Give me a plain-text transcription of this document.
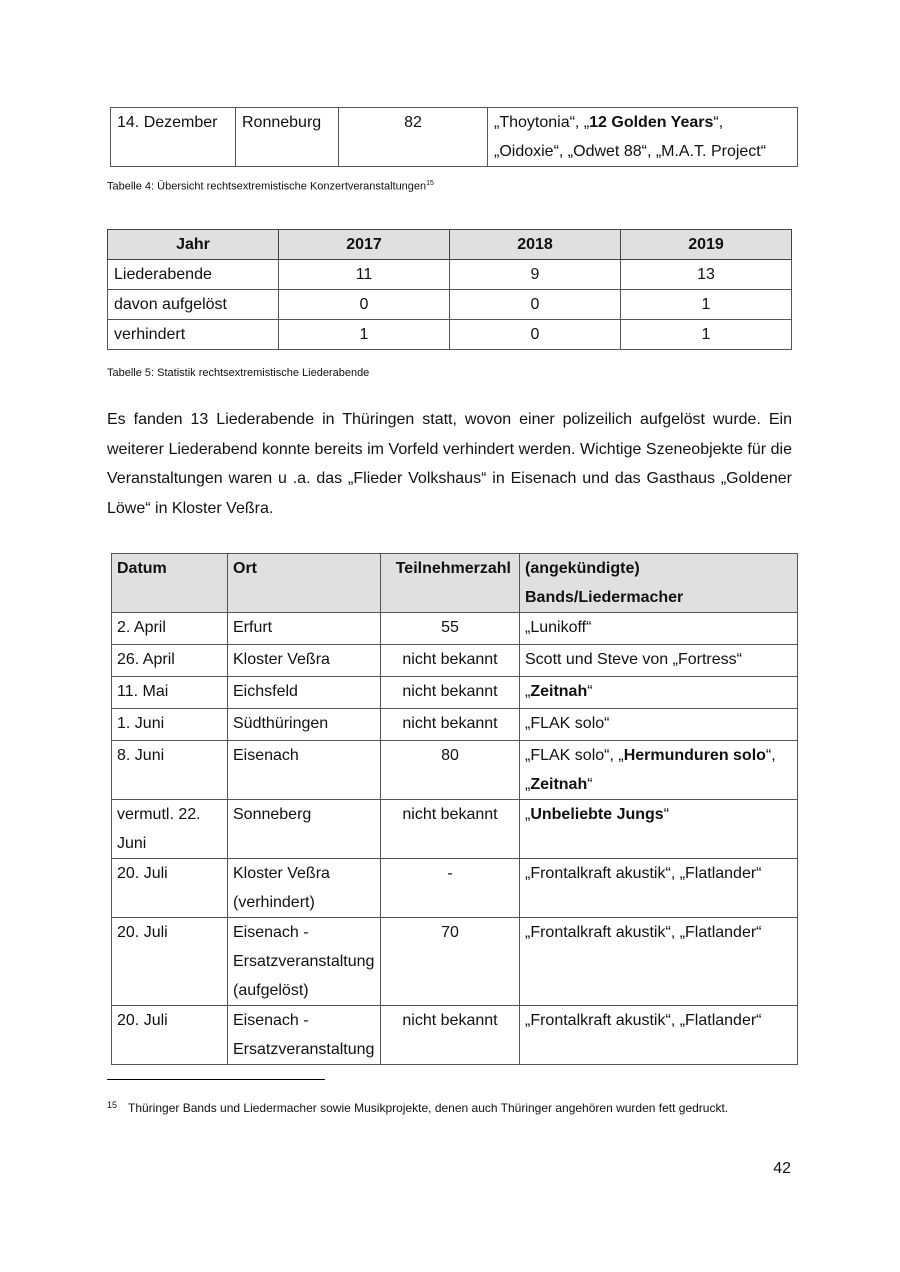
14. Dezember	Ronneburg	82	„Thoytonia“, „12 Golden Years“, „Oidoxie“, „Odwet 88“, „M.A.T. Project“
Tabelle 4: Übersicht rechtsextremistische Konzertveranstaltungen$^{15}$
Jahr	2017	2018	2019
Liederabende	11	9	13
davon aufgelöst	0	0	1
verhindert	1	0	1
Tabelle 5: Statistik rechtsextremistische Liederabende

Es fanden 13 Liederabende in Thüringen statt, wovon einer polizeilich aufgelöst wurde. Ein weiterer Liederabend konnte bereits im Vorfeld verhindert werden. Wichtige Szeneobjekte für die Veranstaltungen waren u .a. das „Flieder Volkshaus“ in Eisenach und das Gasthaus „Goldener Löwe“ in Kloster Veßra.

Datum	Ort	Teilnehmerzahl	(angekündigte) Bands/Liedermacher
2. April	Erfurt	55	„Lunikoff“
26. April	Kloster Veßra	nicht bekannt	Scott und Steve von „Fortress“
11. Mai	Eichsfeld	nicht bekannt	„Zeitnah“
1. Juni	Südthüringen	nicht bekannt	„FLAK solo“
8. Juni	Eisenach	80	„FLAK solo“, „Hermunduren solo“, „Zeitnah“
vermutl. 22. Juni	Sonneberg	nicht bekannt	„Unbeliebte Jungs“
20. Juli	Kloster Veßra (verhindert)	-	„Frontalkraft akustik“, „Flatlander“
20. Juli	Eisenach - Ersatzveranstaltung (aufgelöst)	70	„Frontalkraft akustik“, „Flatlander“
20. Juli	Eisenach - Ersatzveranstaltung	nicht bekannt	„Frontalkraft akustik“, „Flatlander“
15 Thüringer Bands und Liedermacher sowie Musikprojekte, denen auch Thüringer angehören wurden fett gedruckt.
42
